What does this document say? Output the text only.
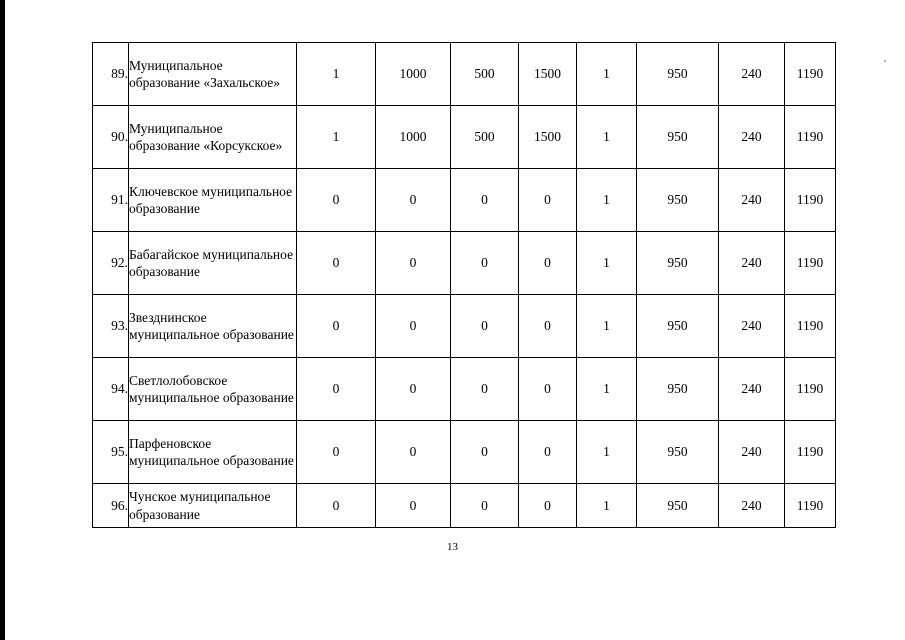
89.	Муниципальное образование «Захальское»	1	1000	500	1500	1	950	240	1190
90.	Муниципальное образование «Корсукское»	1	1000	500	1500	1	950	240	1190
91.	Ключевское муниципальное образование	0	0	0	0	1	950	240	1190
92.	Бабагайское муниципальное образование	0	0	0	0	1	950	240	1190
93.	Звезднинское муниципальное образование	0	0	0	0	1	950	240	1190
94.	Светлолобовское муниципальное образование	0	0	0	0	1	950	240	1190
95.	Парфеновское муниципальное образование	0	0	0	0	1	950	240	1190
96.	Чунское муниципальное образование	0	0	0	0	1	950	240	1190
13
